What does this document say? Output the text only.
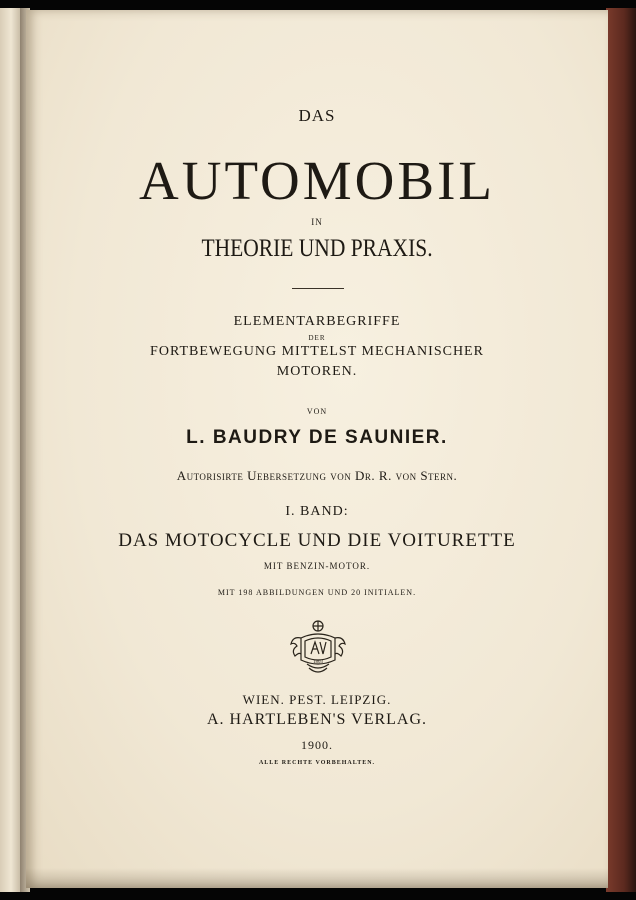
DAS
AUTOMOBIL
IN
THEORIE UND PRAXIS.
ELEMENTARBEGRIFFE
DER
FORTBEWEGUNG MITTELST MECHANISCHER
MOTOREN.
VON
L. BAUDRY DE SAUNIER.
Autorisirte Uebersetzung von Dr. R. von Stern.
I. BAND:
DAS MOTOCYCLE UND DIE VOITURETTE
MIT BENZIN-MOTOR.
MIT 198 ABBILDUNGEN UND 20 INITIALEN.
1803
WIEN. PEST. LEIPZIG.
A. HARTLEBEN'S VERLAG.
1900.
ALLE RECHTE VORBEHALTEN.
